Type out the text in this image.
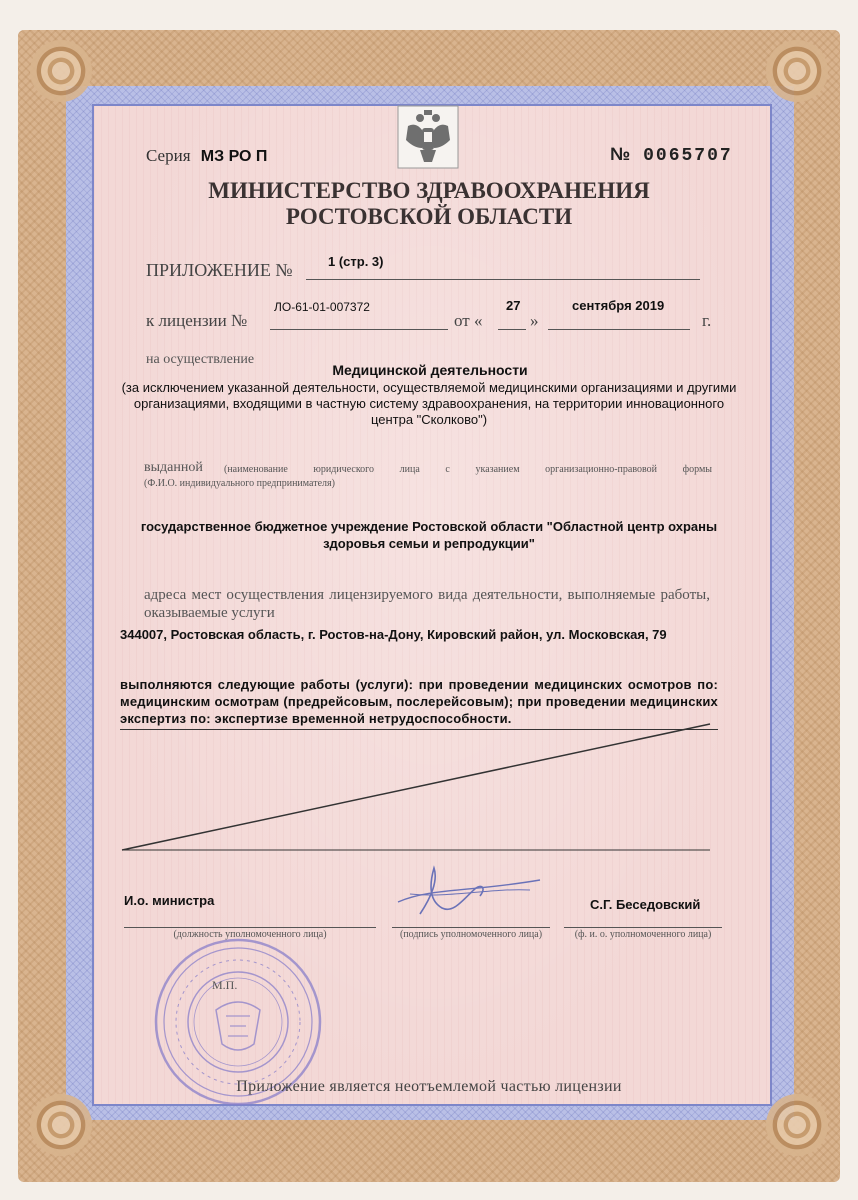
Серия МЗ РО П	№ 0065707
МИНИСТЕРСТВО ЗДРАВООХРАНЕНИЯ
РОСТОВСКОЙ ОБЛАСТИ
ПРИЛОЖЕНИЕ №	1 (стр. 3)
к лицензии №
ЛО-61-01-007372
от «
27
»
сентября 2019
г.
на осуществление
Медицинской деятельности
(за исключением указанной деятельности, осуществляемой медицинскими организациями и другими организациями, входящими в частную систему здравоохранения, на территории инновационного центра "Сколково")
выданной (наименование юридического лица с указанием организационно-правовой формы
(Ф.И.О. индивидуального предпринимателя)
государственное бюджетное учреждение Ростовской области "Областной центр охраны здоровья семьи и репродукции"
адреса мест осуществления лицензируемого вида деятельности, выполняемые работы, оказываемые услуги
344007, Ростовская область, г. Ростов-на-Дону, Кировский район, ул. Московская, 79
выполняются следующие работы (услуги): при проведении медицинских осмотров по: медицинским осмотрам (предрейсовым, послерейсовым); при проведении медицинских экспертиз по: экспертизе временной нетрудоспособности.
И.о. министра
(должность уполномоченного лица)	(подпись уполномоченного лица)
С.Г. Беседовский
(ф. и. о. уполномоченного лица)
М.П.
Приложение является неотъемлемой частью лицензии
